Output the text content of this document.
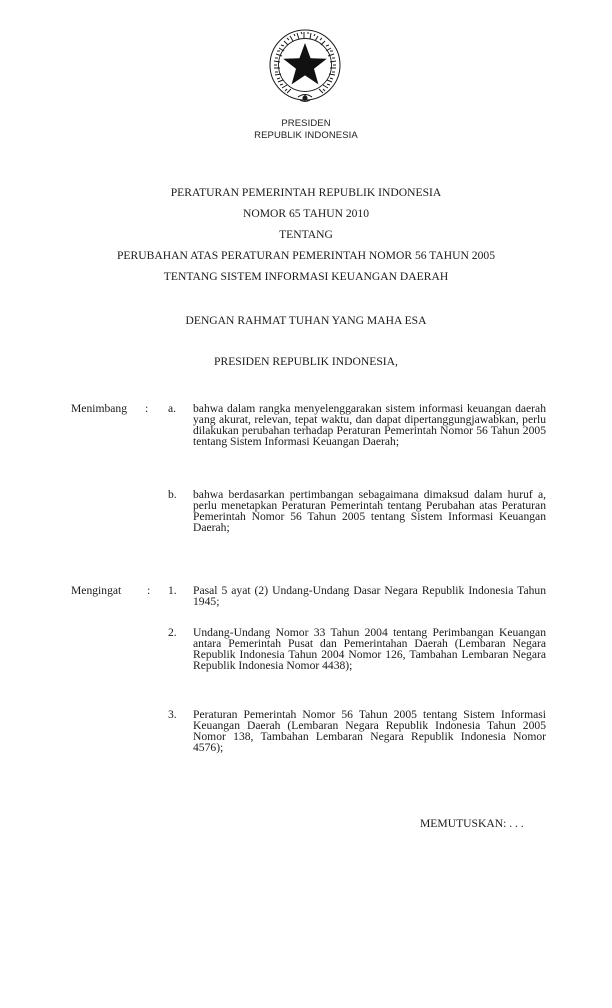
PRESIDEN
REPUBLIK INDONESIA
PERATURAN PEMERINTAH REPUBLIK INDONESIA
NOMOR 65 TAHUN 2010
TENTANG
PERUBAHAN ATAS PERATURAN PEMERINTAH NOMOR 56 TAHUN 2005
TENTANG SISTEM INFORMASI KEUANGAN DAERAH
DENGAN RAHMAT TUHAN YANG MAHA ESA
PRESIDEN REPUBLIK INDONESIA,
Menimbang : a.	bahwa dalam rangka menyelenggarakan sistem informasi keuangan daerah yang akurat, relevan, tepat waktu, dan dapat dipertanggungjawabkan, perlu dilakukan perubahan terhadap Peraturan Pemerintah Nomor 56 Tahun 2005 tentang Sistem Informasi Keuangan Daerah;
b.	bahwa berdasarkan pertimbangan sebagaimana dimaksud dalam huruf a, perlu menetapkan Peraturan Pemerintah tentang Perubahan atas Peraturan Pemerintah Nomor 56 Tahun 2005 tentang Sistem Informasi Keuangan Daerah;
Mengingat : 1.	Pasal 5 ayat (2) Undang-Undang Dasar Negara Republik Indonesia Tahun 1945;
2.	Undang-Undang Nomor 33 Tahun 2004 tentang Perimbangan Keuangan antara Pemerintah Pusat dan Pemerintahan Daerah (Lembaran Negara Republik Indonesia Tahun 2004 Nomor 126, Tambahan Lembaran Negara Republik Indonesia Nomor 4438);
3.	Peraturan Pemerintah Nomor 56 Tahun 2005 tentang Sistem Informasi Keuangan Daerah (Lembaran Negara Republik Indonesia Tahun 2005 Nomor 138, Tambahan Lembaran Negara Republik Indonesia Nomor 4576);
MEMUTUSKAN: . . .
